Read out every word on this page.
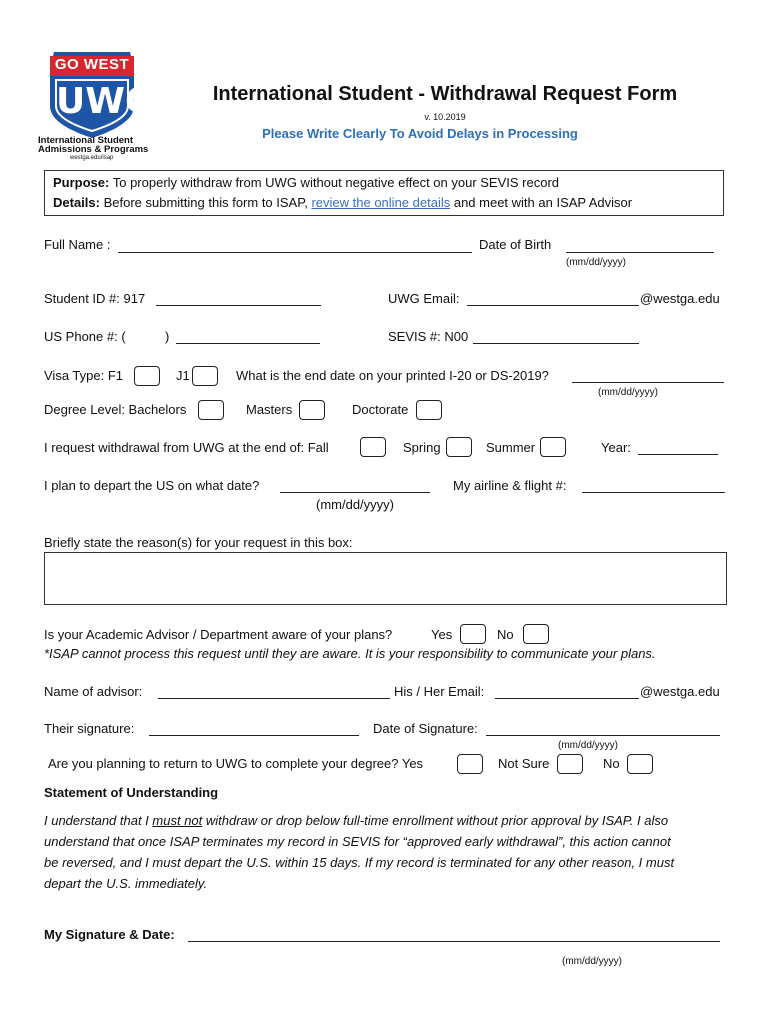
GO WEST
UWG
International Student
Admissions & Programs
westga.edu/isap
International Student - Withdrawal Request Form
v. 10.2019
Please Write Clearly To Avoid Delays in Processing
Purpose: To properly withdraw from UWG without negative effect on your SEVIS record
Details: Before submitting this form to ISAP, review the online details and meet with an ISAP Advisor
Full Name :	Date of Birth
(mm/dd/yyyy)
Student ID #: 917	UWG Email:	@westga.edu
US Phone #: (	)	SEVIS #: N00
Visa Type: F1	J1	What is the end date on your printed I-20 or DS-2019?
(mm/dd/yyyy)
Degree Level: Bachelors	Masters	Doctorate
I request withdrawal from UWG at the end of: Fall	Spring	Summer	Year:
I plan to depart the US on what date?
(mm/dd/yyyy)
My airline & flight #:
Briefly state the reason(s) for your request in this box:
Is your Academic Advisor / Department aware of your plans?	Yes	No
*ISAP cannot process this request until they are aware. It is your responsibility to communicate your plans.
Name of advisor:	His / Her Email:	@westga.edu
Their signature:	Date of Signature:
(mm/dd/yyyy)
Are you planning to return to UWG to complete your degree? Yes	Not Sure	No
Statement of Understanding
I understand that I must not withdraw or drop below full-time enrollment without prior approval by ISAP. I also
understand that once ISAP terminates my record in SEVIS for “approved early withdrawal”, this action cannot
be reversed, and I must depart the U.S. within 15 days. If my record is terminated for any other reason, I must
depart the U.S. immediately.
My Signature & Date:
(mm/dd/yyyy)
